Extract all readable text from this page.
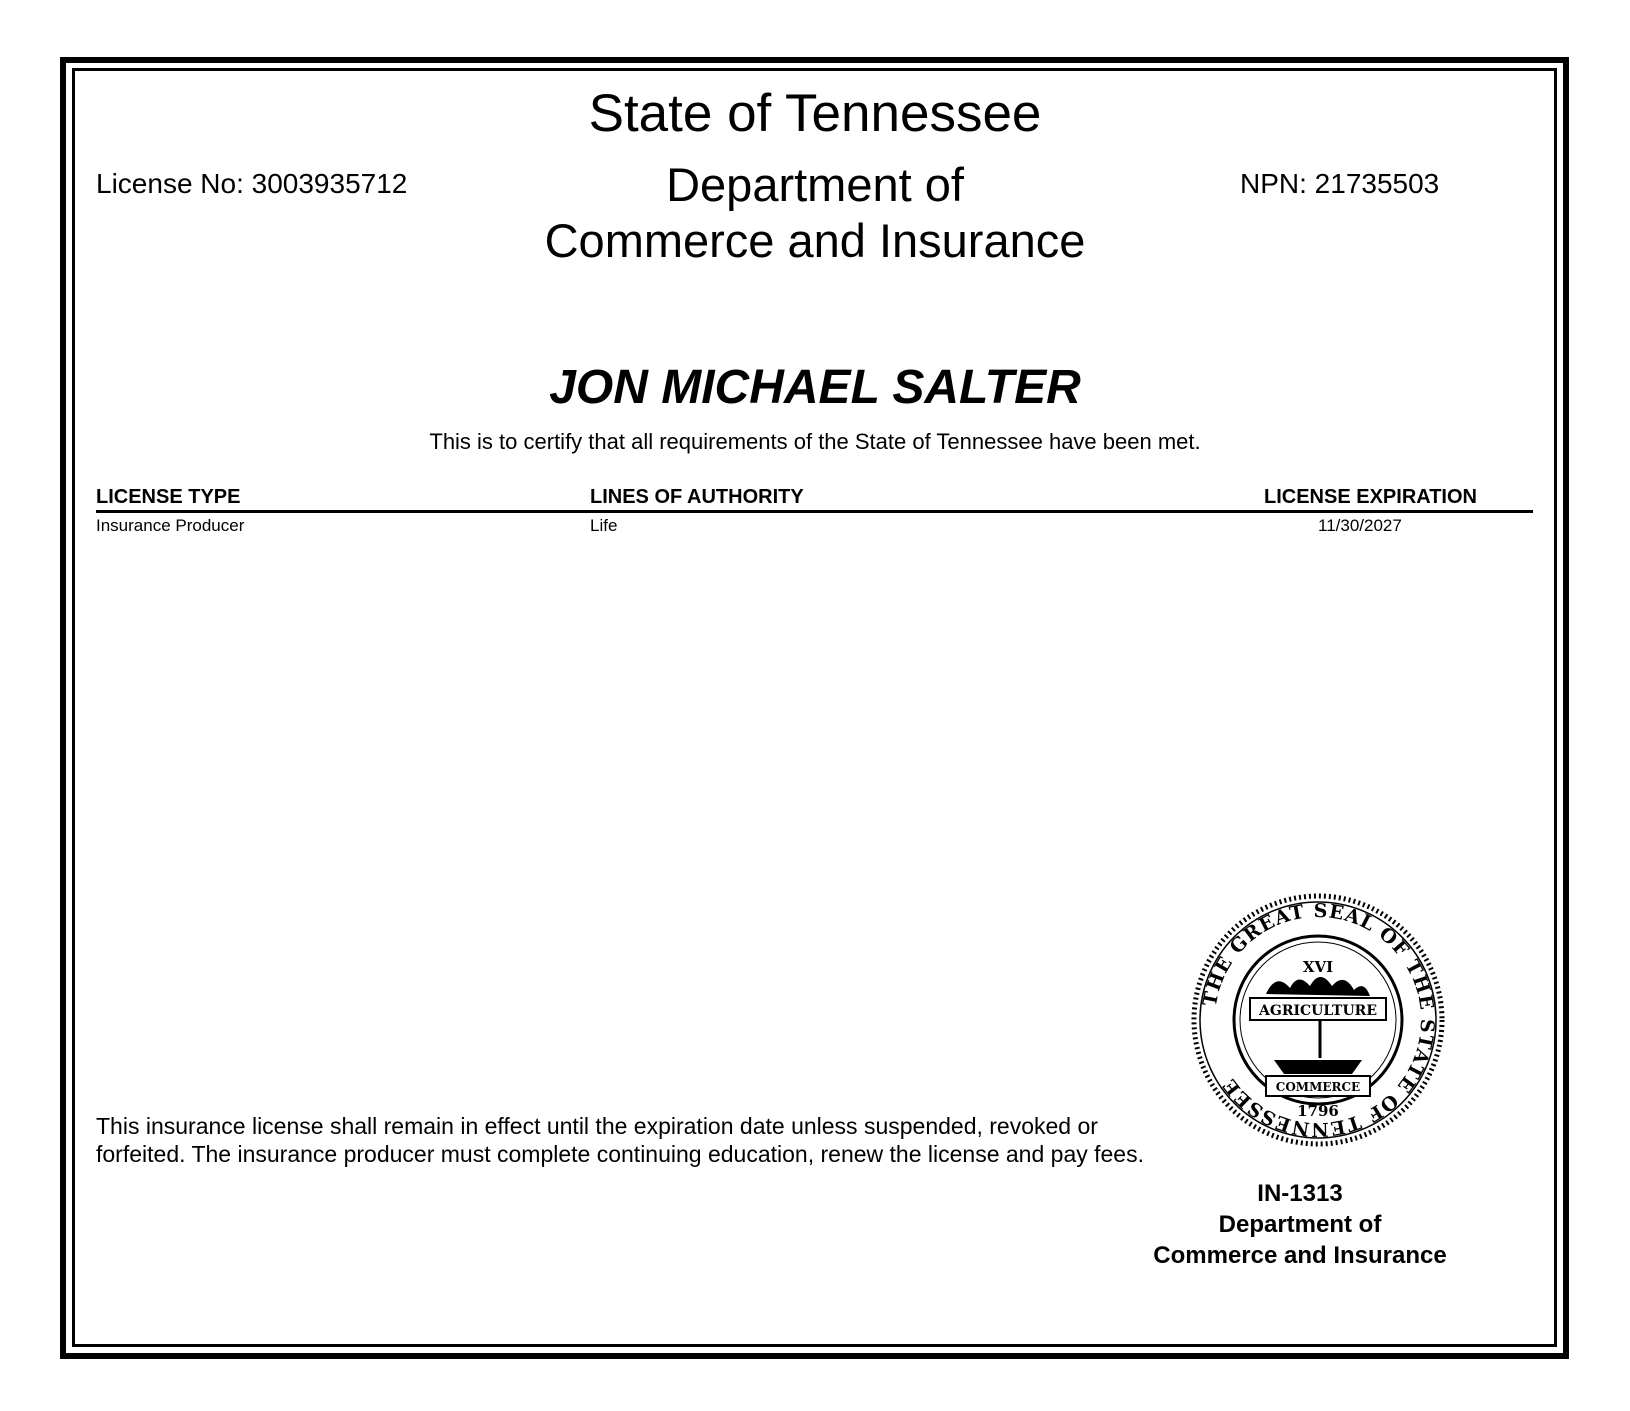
State of Tennessee
Department of
Commerce and Insurance
License No: 3003935712	NPN: 21735503
JON MICHAEL SALTER
This is to certify that all requirements of the State of Tennessee have been met.
LICENSE TYPE	LINES OF AUTHORITY	LICENSE EXPIRATION
Insurance Producer	Life	11/30/2027
This insurance license shall remain in effect until the expiration date unless suspended, revoked or
forfeited. The insurance producer must complete continuing education, renew the license and pay fees.
THE GREAT SEAL OF THE STATE OF TENNESSEE
XVI
AGRICULTURE
COMMERCE
1796
IN-1313
Department of
Commerce and Insurance
